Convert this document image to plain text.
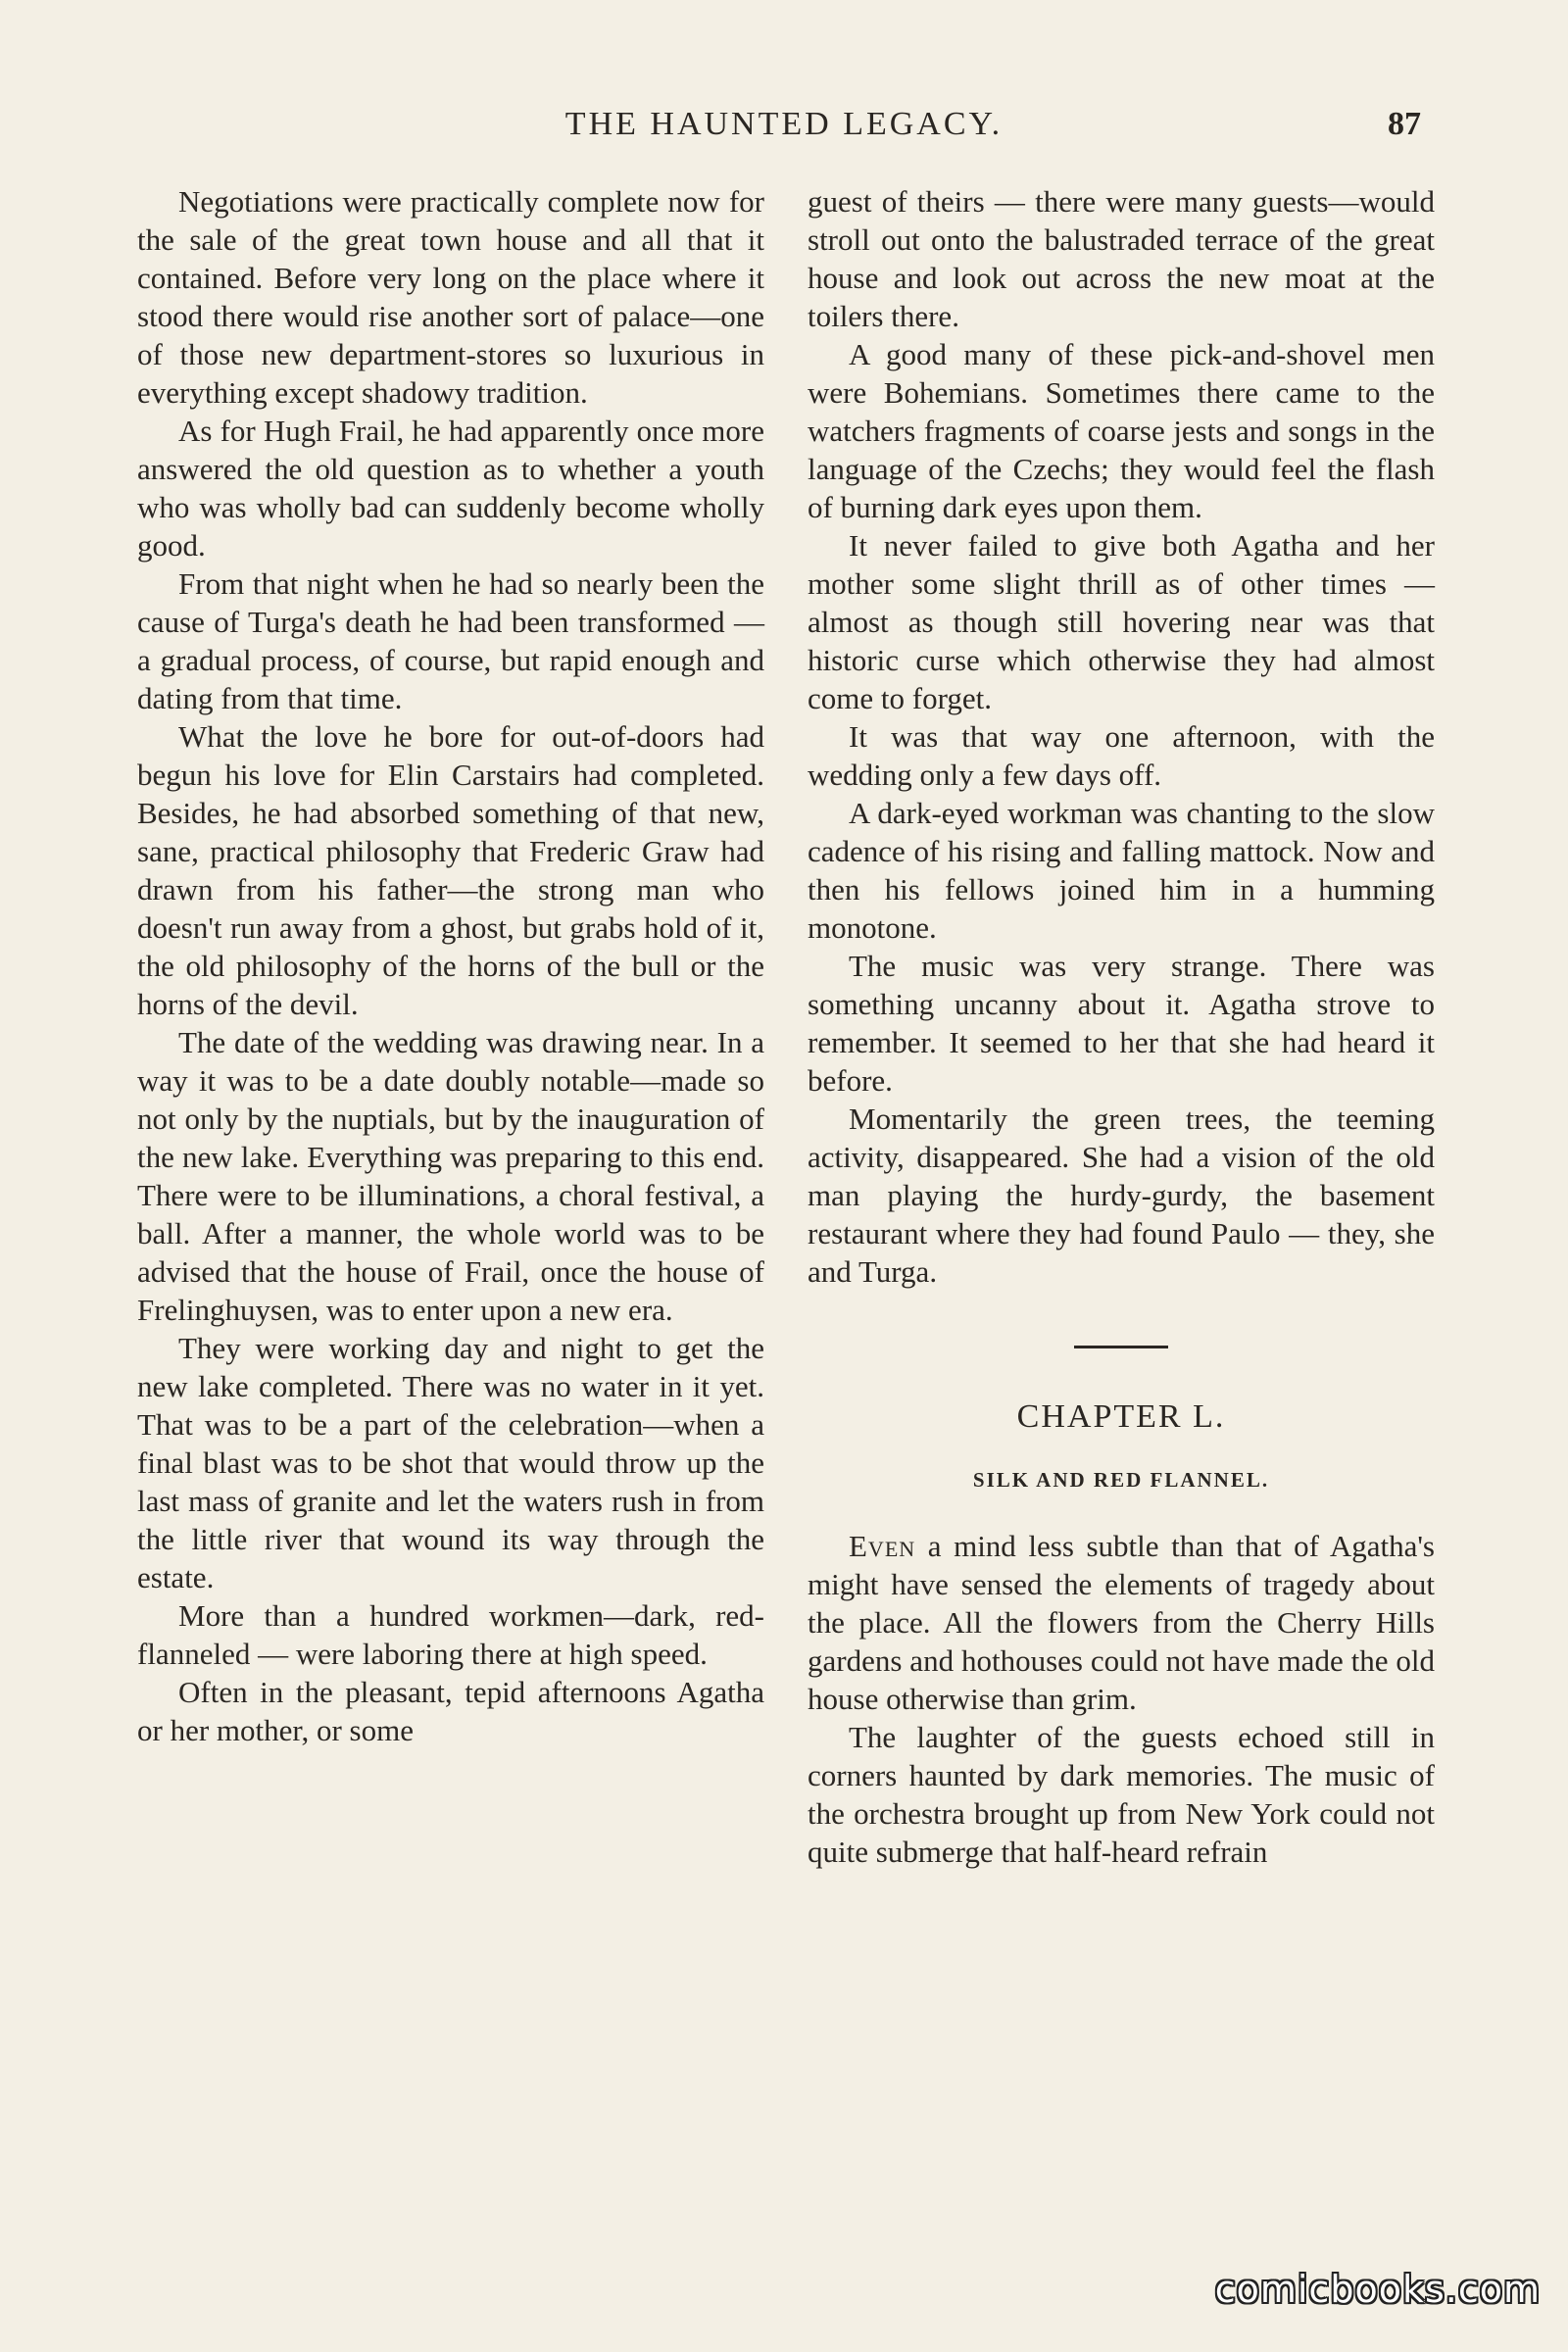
THE HAUNTED LEGACY.	87

Negotiations were practically complete now for the sale of the great town house and all that it contained. Before very long on the place where it stood there would rise another sort of palace—one of those new department-stores so luxurious in everything except shadowy tradition.

As for Hugh Frail, he had apparently once more answered the old question as to whether a youth who was wholly bad can suddenly become wholly good.

From that night when he had so nearly been the cause of Turga's death he had been transformed — a gradual process, of course, but rapid enough and dating from that time.

What the love he bore for out-of-doors had begun his love for Elin Carstairs had completed. Besides, he had absorbed something of that new, sane, practical philosophy that Frederic Graw had drawn from his father—the strong man who doesn't run away from a ghost, but grabs hold of it, the old philosophy of the horns of the bull or the horns of the devil.

The date of the wedding was drawing near. In a way it was to be a date doubly notable—made so not only by the nuptials, but by the inauguration of the new lake. Everything was preparing to this end. There were to be illuminations, a choral festival, a ball. After a manner, the whole world was to be advised that the house of Frail, once the house of Frelinghuysen, was to enter upon a new era.

They were working day and night to get the new lake completed. There was no water in it yet. That was to be a part of the celebration—when a final blast was to be shot that would throw up the last mass of granite and let the waters rush in from the little river that wound its way through the estate.

More than a hundred workmen—dark, red-flanneled — were laboring there at high speed.

Often in the pleasant, tepid afternoons Agatha or her mother, or some

guest of theirs — there were many guests—would stroll out onto the balustraded terrace of the great house and look out across the new moat at the toilers there.

A good many of these pick-and-shovel men were Bohemians. Sometimes there came to the watchers fragments of coarse jests and songs in the language of the Czechs; they would feel the flash of burning dark eyes upon them.

It never failed to give both Agatha and her mother some slight thrill as of other times — almost as though still hovering near was that historic curse which otherwise they had almost come to forget.

It was that way one afternoon, with the wedding only a few days off.

A dark-eyed workman was chanting to the slow cadence of his rising and falling mattock. Now and then his fellows joined him in a humming monotone.

The music was very strange. There was something uncanny about it. Agatha strove to remember. It seemed to her that she had heard it before.

Momentarily the green trees, the teeming activity, disappeared. She had a vision of the old man playing the hurdy-gurdy, the basement restaurant where they had found Paulo — they, she and Turga.

CHAPTER L.
SILK AND RED FLANNEL.

Even a mind less subtle than that of Agatha's might have sensed the elements of tragedy about the place. All the flowers from the Cherry Hills gardens and hothouses could not have made the old house otherwise than grim.

The laughter of the guests echoed still in corners haunted by dark memories. The music of the orchestra brought up from New York could not quite submerge that half-heard refrain

comicbooks.com
